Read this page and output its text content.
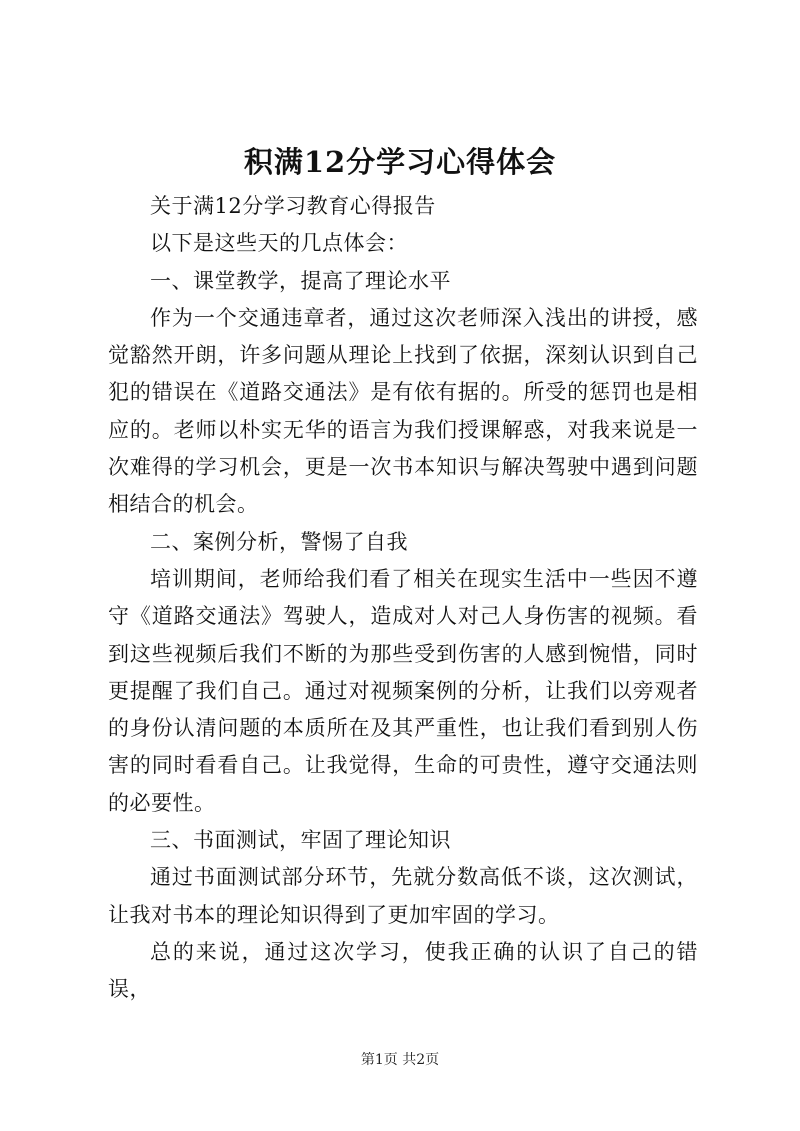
积满12分学习心得体会

关于满12分学习教育心得报告

以下是这些天的几点体会：

一、课堂教学，提高了理论水平

作为一个交通违章者，通过这次老师深入浅出的讲授，感觉豁然开朗，许多问题从理论上找到了依据，深刻认识到自己犯的错误在《道路交通法》是有依有据的。所受的惩罚也是相应的。老师以朴实无华的语言为我们授课解惑，对我来说是一次难得的学习机会，更是一次书本知识与解决驾驶中遇到问题相结合的机会。

二、案例分析，警惕了自我

培训期间，老师给我们看了相关在现实生活中一些因不遵守《道路交通法》驾驶人，造成对人对己人身伤害的视频。看到这些视频后我们不断的为那些受到伤害的人感到惋惜，同时更提醒了我们自己。通过对视频案例的分析，让我们以旁观者的身份认清问题的本质所在及其严重性，也让我们看到别人伤害的同时看看自己。让我觉得，生命的可贵性，遵守交通法则的必要性。

三、书面测试，牢固了理论知识

通过书面测试部分环节，先就分数高低不谈，这次测试，让我对书本的理论知识得到了更加牢固的学习。

总的来说，通过这次学习，使我正确的认识了自己的错误，

第1页 共2页
